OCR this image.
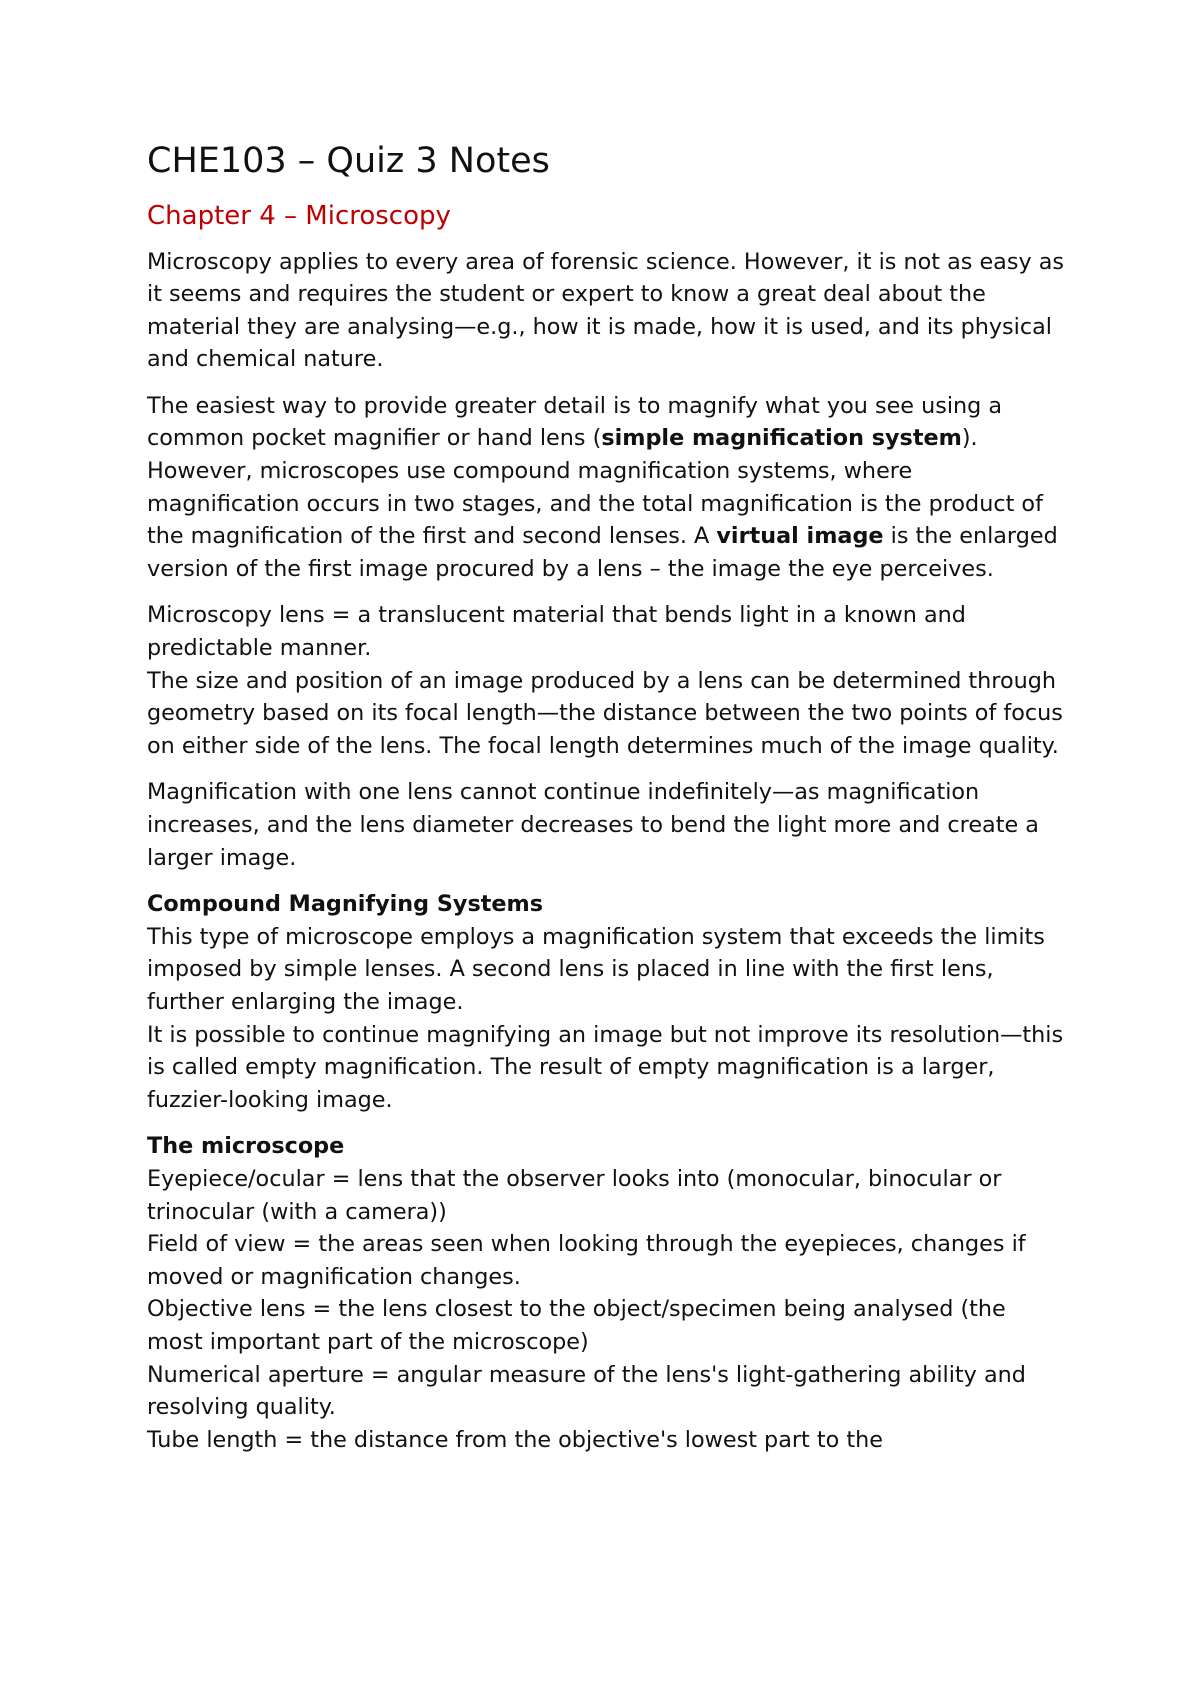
CHE103 – Quiz 3 Notes
Chapter 4 – Microscopy

Microscopy applies to every area of forensic science. However, it is not as easy as it seems and requires the student or expert to know a great deal about the material they are analysing—e.g., how it is made, how it is used, and its physical and chemical nature.

The easiest way to provide greater detail is to magnify what you see using a common pocket magnifier or hand lens (simple magnification system). However, microscopes use compound magnification systems, where magnification occurs in two stages, and the total magnification is the product of the magnification of the first and second lenses. A virtual image is the enlarged version of the first image procured by a lens – the image the eye perceives.

Microscopy lens = a translucent material that bends light in a known and predictable manner.
The size and position of an image produced by a lens can be determined through geometry based on its focal length—the distance between the two points of focus on either side of the lens. The focal length determines much of the image quality.

Magnification with one lens cannot continue indefinitely—as magnification increases, and the lens diameter decreases to bend the light more and create a larger image.

Compound Magnifying Systems
This type of microscope employs a magnification system that exceeds the limits imposed by simple lenses. A second lens is placed in line with the first lens, further enlarging the image.
It is possible to continue magnifying an image but not improve its resolution—this is called empty magnification. The result of empty magnification is a larger, fuzzier-looking image.

The microscope
Eyepiece/ocular = lens that the observer looks into (monocular, binocular or trinocular (with a camera))
Field of view = the areas seen when looking through the eyepieces, changes if moved or magnification changes.
Objective lens = the lens closest to the object/specimen being analysed (the most important part of the microscope)
Numerical aperture = angular measure of the lens's light-gathering ability and resolving quality.
Tube length = the distance from the objective's lowest part to the
